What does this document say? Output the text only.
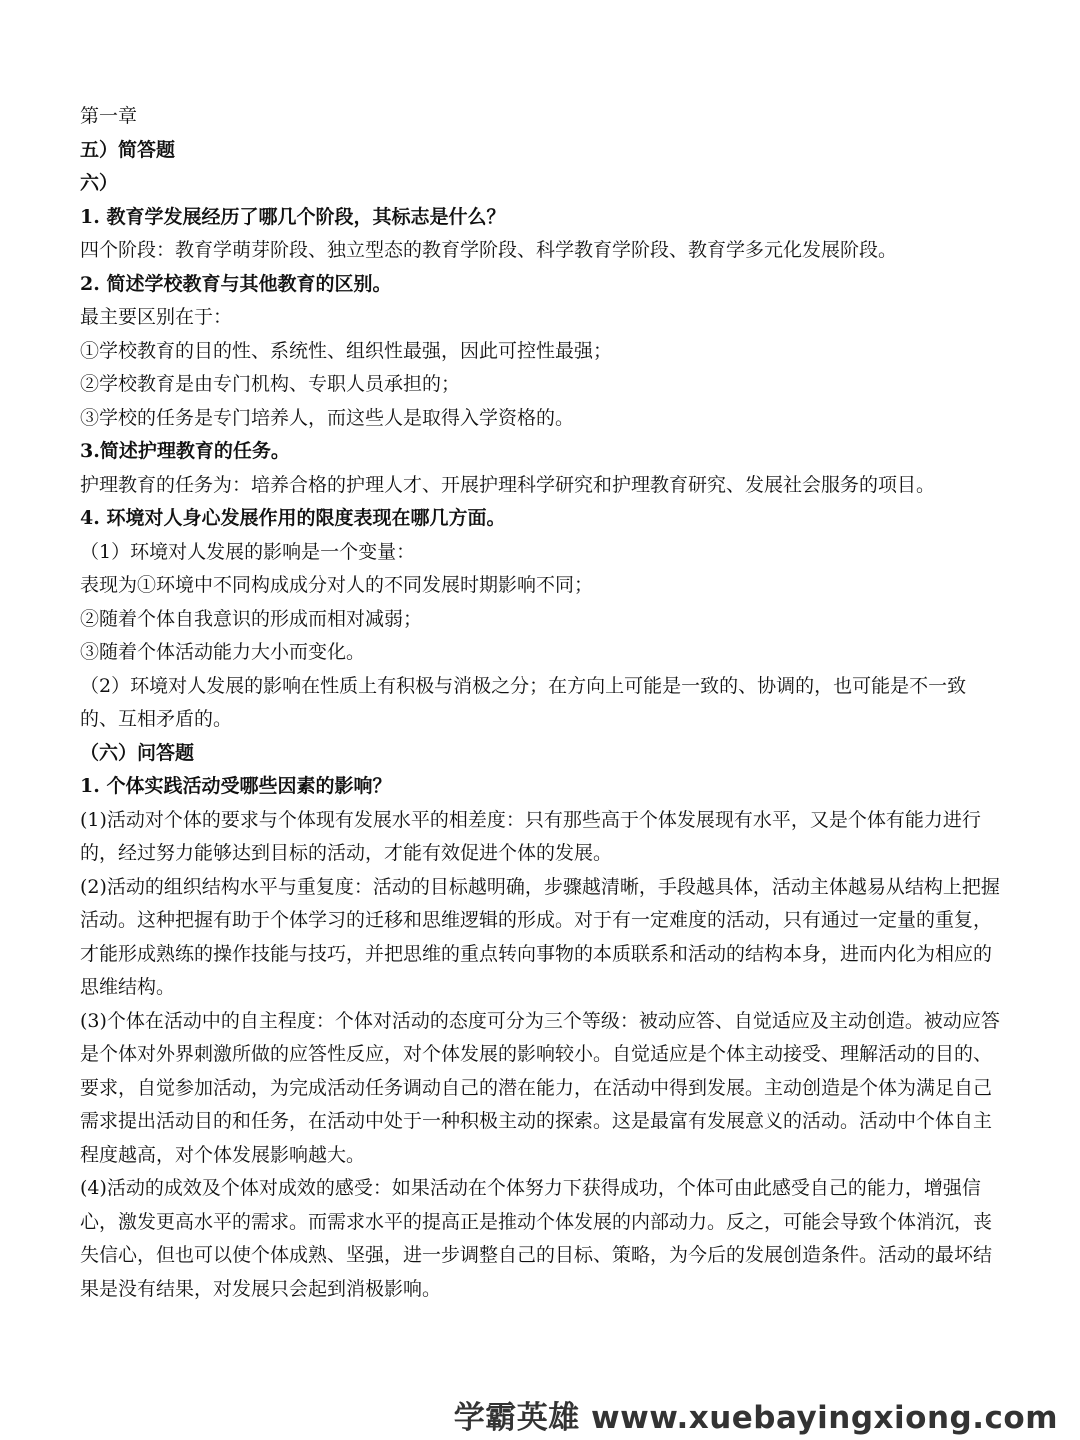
第一章

五）简答题

六）

1. 教育学发展经历了哪几个阶段，其标志是什么？

四个阶段：教育学萌芽阶段、独立型态的教育学阶段、科学教育学阶段、教育学多元化发展阶段。

2. 简述学校教育与其他教育的区别。

最主要区别在于：

①学校教育的目的性、系统性、组织性最强，因此可控性最强；

②学校教育是由专门机构、专职人员承担的；

③学校的任务是专门培养人，而这些人是取得入学资格的。

3.简述护理教育的任务。

护理教育的任务为：培养合格的护理人才、开展护理科学研究和护理教育研究、发展社会服务的项目。

4. 环境对人身心发展作用的限度表现在哪几方面。

（1）环境对人发展的影响是一个变量：

表现为①环境中不同构成成分对人的不同发展时期影响不同；

②随着个体自我意识的形成而相对减弱；

③随着个体活动能力大小而变化。

（2）环境对人发展的影响在性质上有积极与消极之分；在方向上可能是一致的、协调的，也可能是不一致的、互相矛盾的。

（六）问答题

1. 个体实践活动受哪些因素的影响？

(1)活动对个体的要求与个体现有发展水平的相差度：只有那些高于个体发展现有水平，又是个体有能力进行的，经过努力能够达到目标的活动，才能有效促进个体的发展。

(2)活动的组织结构水平与重复度：活动的目标越明确，步骤越清晰，手段越具体，活动主体越易从结构上把握活动。这种把握有助于个体学习的迁移和思维逻辑的形成。对于有一定难度的活动，只有通过一定量的重复，才能形成熟练的操作技能与技巧，并把思维的重点转向事物的本质联系和活动的结构本身，进而内化为相应的思维结构。

(3)个体在活动中的自主程度：个体对活动的态度可分为三个等级：被动应答、自觉适应及主动创造。被动应答是个体对外界刺激所做的应答性反应，对个体发展的影响较小。自觉适应是个体主动接受、理解活动的目的、要求，自觉参加活动，为完成活动任务调动自己的潜在能力，在活动中得到发展。主动创造是个体为满足自己需求提出活动目的和任务，在活动中处于一种积极主动的探索。这是最富有发展意义的活动。活动中个体自主程度越高，对个体发展影响越大。

(4)活动的成效及个体对成效的感受：如果活动在个体努力下获得成功，个体可由此感受自己的能力，增强信心，激发更高水平的需求。而需求水平的提高正是推动个体发展的内部动力。反之，可能会导致个体消沉，丧失信心，但也可以使个体成熟、坚强，进一步调整自己的目标、策略，为今后的发展创造条件。活动的最坏结果是没有结果，对发展只会起到消极影响。

学霸英雄 www.xuebayingxiong.com
